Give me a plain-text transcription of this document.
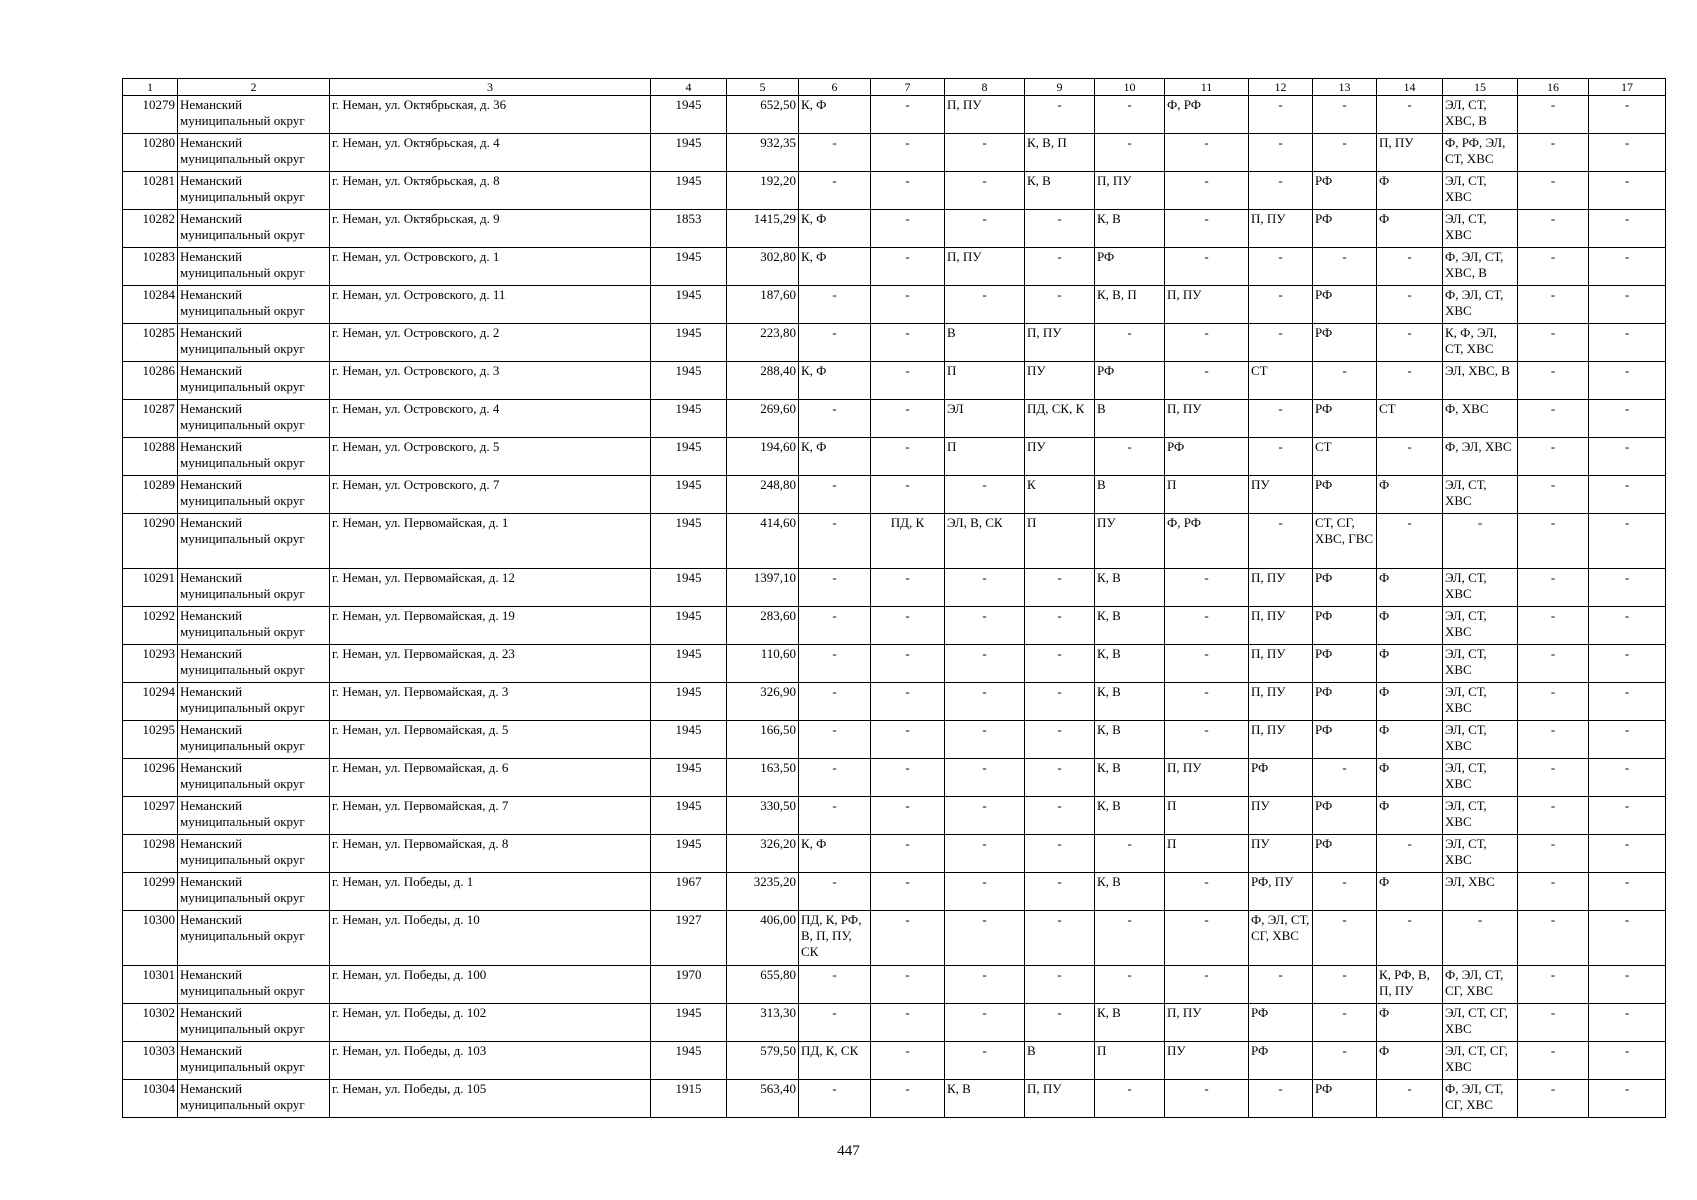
1	2	3	4	5	6	7	8	9	10	11	12	13	14	15	16	17
10279	Неманский муниципальный округ	г. Неман, ул. Октябрьская, д. 36	1945	652,50	К, Ф	-	П, ПУ	-	-	Ф, РФ	-	-	-	ЭЛ, СТ, ХВС, В	-	-
10280	Неманский муниципальный округ	г. Неман, ул. Октябрьская, д. 4	1945	932,35	-	-	-	К, В, П	-	-	-	-	П, ПУ	Ф, РФ, ЭЛ, СТ, ХВС	-	-
10281	Неманский муниципальный округ	г. Неман, ул. Октябрьская, д. 8	1945	192,20	-	-	-	К, В	П, ПУ	-	-	РФ	Ф	ЭЛ, СТ, ХВС	-	-
10282	Неманский муниципальный округ	г. Неман, ул. Октябрьская, д. 9	1853	1415,29	К, Ф	-	-	-	К, В	-	П, ПУ	РФ	Ф	ЭЛ, СТ, ХВС	-	-
10283	Неманский муниципальный округ	г. Неман, ул. Островского, д. 1	1945	302,80	К, Ф	-	П, ПУ	-	РФ	-	-	-	-	Ф, ЭЛ, СТ, ХВС, В	-	-
10284	Неманский муниципальный округ	г. Неман, ул. Островского, д. 11	1945	187,60	-	-	-	-	К, В, П	П, ПУ	-	РФ	-	Ф, ЭЛ, СТ, ХВС	-	-
10285	Неманский муниципальный округ	г. Неман, ул. Островского, д. 2	1945	223,80	-	-	В	П, ПУ	-	-	-	РФ	-	К, Ф, ЭЛ, СТ, ХВС	-	-
10286	Неманский муниципальный округ	г. Неман, ул. Островского, д. 3	1945	288,40	К, Ф	-	П	ПУ	РФ	-	СТ	-	-	ЭЛ, ХВС, В	-	-
10287	Неманский муниципальный округ	г. Неман, ул. Островского, д. 4	1945	269,60	-	-	ЭЛ	ПД, СК, К	В	П, ПУ	-	РФ	СТ	Ф, ХВС	-	-
10288	Неманский муниципальный округ	г. Неман, ул. Островского, д. 5	1945	194,60	К, Ф	-	П	ПУ	-	РФ	-	СТ	-	Ф, ЭЛ, ХВС	-	-
10289	Неманский муниципальный округ	г. Неман, ул. Островского, д. 7	1945	248,80	-	-	-	К	В	П	ПУ	РФ	Ф	ЭЛ, СТ, ХВС	-	-
10290	Неманский муниципальный округ	г. Неман, ул. Первомайская, д. 1	1945	414,60	-	ПД, К	ЭЛ, В, СК	П	ПУ	Ф, РФ	-	СТ, СГ, ХВС, ГВС	-	-	-	-
10291	Неманский муниципальный округ	г. Неман, ул. Первомайская, д. 12	1945	1397,10	-	-	-	-	К, В	-	П, ПУ	РФ	Ф	ЭЛ, СТ, ХВС	-	-
10292	Неманский муниципальный округ	г. Неман, ул. Первомайская, д. 19	1945	283,60	-	-	-	-	К, В	-	П, ПУ	РФ	Ф	ЭЛ, СТ, ХВС	-	-
10293	Неманский муниципальный округ	г. Неман, ул. Первомайская, д. 23	1945	110,60	-	-	-	-	К, В	-	П, ПУ	РФ	Ф	ЭЛ, СТ, ХВС	-	-
10294	Неманский муниципальный округ	г. Неман, ул. Первомайская, д. 3	1945	326,90	-	-	-	-	К, В	-	П, ПУ	РФ	Ф	ЭЛ, СТ, ХВС	-	-
10295	Неманский муниципальный округ	г. Неман, ул. Первомайская, д. 5	1945	166,50	-	-	-	-	К, В	-	П, ПУ	РФ	Ф	ЭЛ, СТ, ХВС	-	-
10296	Неманский муниципальный округ	г. Неман, ул. Первомайская, д. 6	1945	163,50	-	-	-	-	К, В	П, ПУ	РФ	-	Ф	ЭЛ, СТ, ХВС	-	-
10297	Неманский муниципальный округ	г. Неман, ул. Первомайская, д. 7	1945	330,50	-	-	-	-	К, В	П	ПУ	РФ	Ф	ЭЛ, СТ, ХВС	-	-
10298	Неманский муниципальный округ	г. Неман, ул. Первомайская, д. 8	1945	326,20	К, Ф	-	-	-	-	П	ПУ	РФ	-	ЭЛ, СТ, ХВС	-	-
10299	Неманский муниципальный округ	г. Неман, ул. Победы, д. 1	1967	3235,20	-	-	-	-	К, В	-	РФ, ПУ	-	Ф	ЭЛ, ХВС	-	-
10300	Неманский муниципальный округ	г. Неман, ул. Победы, д. 10	1927	406,00	ПД, К, РФ, В, П, ПУ, СК	-	-	-	-	-	Ф, ЭЛ, СТ, СГ, ХВС	-	-	-	-	-
10301	Неманский муниципальный округ	г. Неман, ул. Победы, д. 100	1970	655,80	-	-	-	-	-	-	-	-	К, РФ, В, П, ПУ	Ф, ЭЛ, СТ, СГ, ХВС	-	-
10302	Неманский муниципальный округ	г. Неман, ул. Победы, д. 102	1945	313,30	-	-	-	-	К, В	П, ПУ	РФ	-	Ф	ЭЛ, СТ, СГ, ХВС	-	-
10303	Неманский муниципальный округ	г. Неман, ул. Победы, д. 103	1945	579,50	ПД, К, СК	-	-	В	П	ПУ	РФ	-	Ф	ЭЛ, СТ, СГ, ХВС	-	-
10304	Неманский муниципальный округ	г. Неман, ул. Победы, д. 105	1915	563,40	-	-	К, В	П, ПУ	-	-	-	РФ	-	Ф, ЭЛ, СТ, СГ, ХВС	-	-
447
